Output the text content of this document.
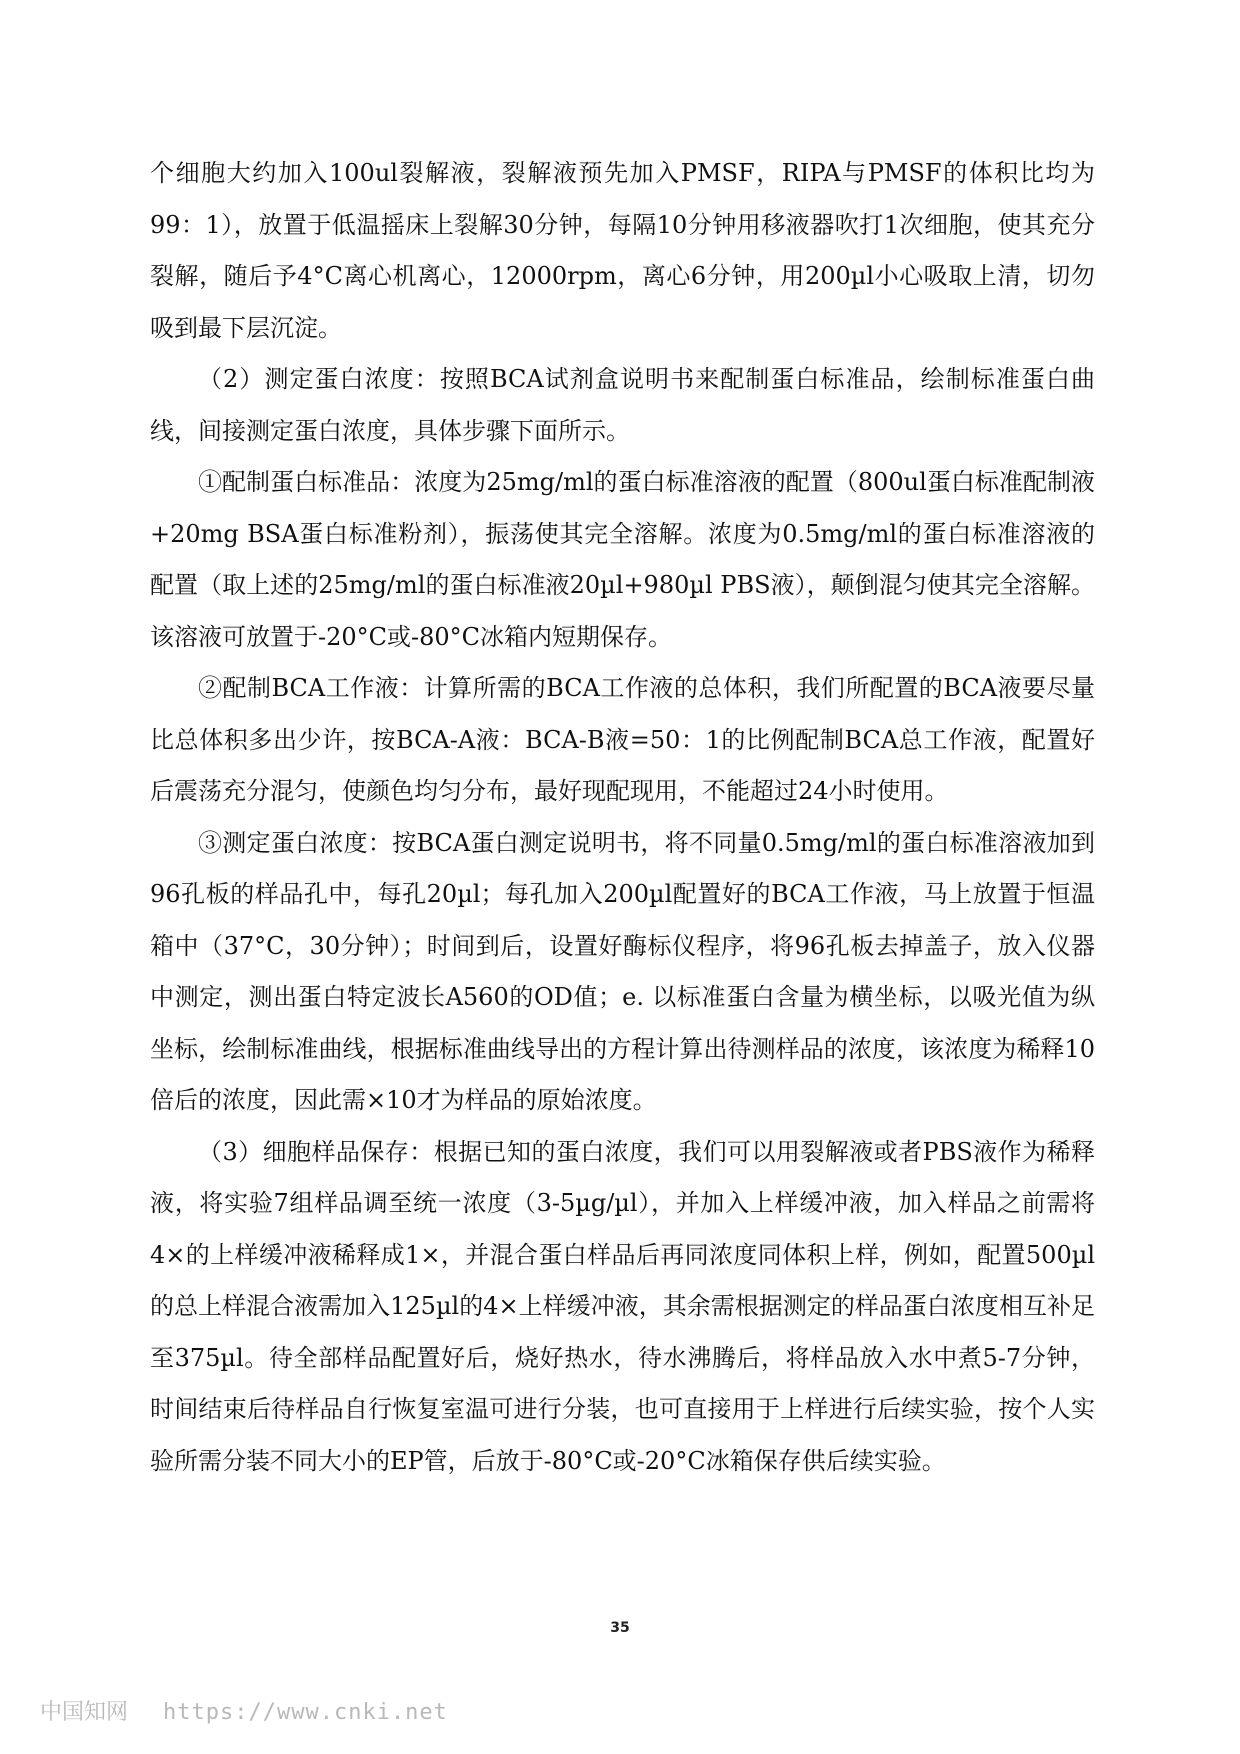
个细胞大约加入100ul裂解液，裂解液预先加入PMSF，RIPA与PMSF的体积比均为99：1），放置于低温摇床上裂解30分钟，每隔10分钟用移液器吹打1次细胞，使其充分裂解，随后予4°C离心机离心，12000rpm，离心6分钟，用200µl小心吸取上清，切勿吸到最下层沉淀。

（2）测定蛋白浓度：按照BCA试剂盒说明书来配制蛋白标准品，绘制标准蛋白曲线，间接测定蛋白浓度，具体步骤下面所示。

①配制蛋白标准品：浓度为25mg/ml的蛋白标准溶液的配置（800ul蛋白标准配制液+20mg BSA蛋白标准粉剂），振荡使其完全溶解。浓度为0.5mg/ml的蛋白标准溶液的配置（取上述的25mg/ml的蛋白标准液20µl+980µl PBS液），颠倒混匀使其完全溶解。该溶液可放置于-20°C或-80°C冰箱内短期保存。

②配制BCA工作液：计算所需的BCA工作液的总体积，我们所配置的BCA液要尽量比总体积多出少许，按BCA-A液：BCA-B液=50：1的比例配制BCA总工作液，配置好后震荡充分混匀，使颜色均匀分布，最好现配现用，不能超过24小时使用。

③测定蛋白浓度：按BCA蛋白测定说明书，将不同量0.5mg/ml的蛋白标准溶液加到96孔板的样品孔中，每孔20µl；每孔加入200µl配置好的BCA工作液，马上放置于恒温箱中（37°C，30分钟）；时间到后，设置好酶标仪程序，将96孔板去掉盖子，放入仪器中测定，测出蛋白特定波长A560的OD值；e. 以标准蛋白含量为横坐标，以吸光值为纵坐标，绘制标准曲线，根据标准曲线导出的方程计算出待测样品的浓度，该浓度为稀释10倍后的浓度，因此需×10才为样品的原始浓度。

（3）细胞样品保存：根据已知的蛋白浓度，我们可以用裂解液或者PBS液作为稀释液，将实验7组样品调至统一浓度（3-5µg/µl），并加入上样缓冲液，加入样品之前需将4×的上样缓冲液稀释成1×，并混合蛋白样品后再同浓度同体积上样，例如，配置500µl的总上样混合液需加入125µl的4×上样缓冲液，其余需根据测定的样品蛋白浓度相互补足至375µl。待全部样品配置好后，烧好热水，待水沸腾后，将样品放入水中煮5-7分钟，时间结束后待样品自行恢复室温可进行分装，也可直接用于上样进行后续实验，按个人实验所需分装不同大小的EP管，后放于-80°C或-20°C冰箱保存供后续实验。

35
中国知网 https://www.cnki.net
